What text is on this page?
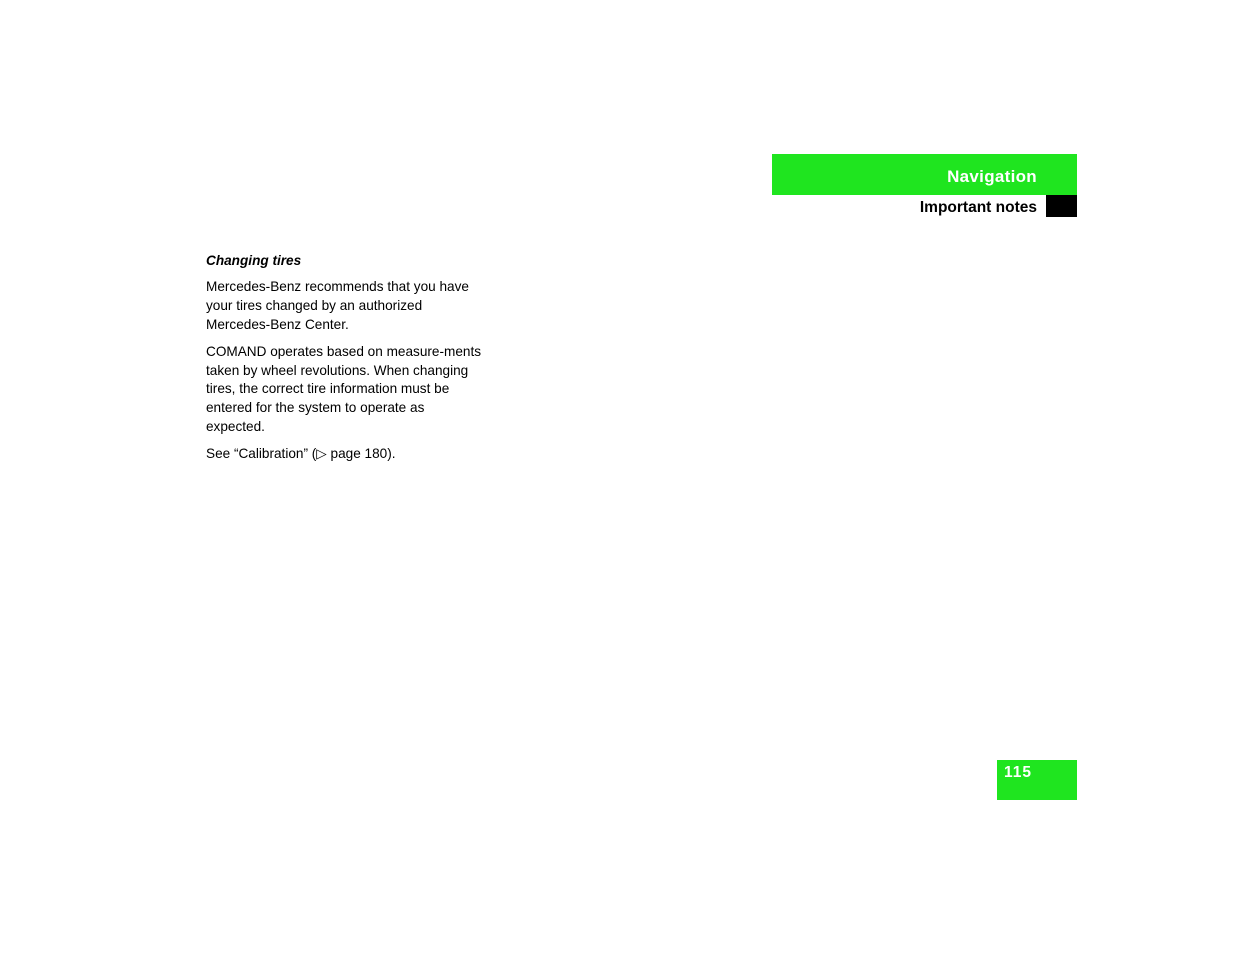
Navigation
Important notes
Changing tires

Mercedes-Benz recommends that you have your tires changed by an authorized Mercedes-Benz Center.

COMAND operates based on measure-ments taken by wheel revolutions. When changing tires, the correct tire information must be entered for the system to operate as expected.

See “Calibration” (▷ page 180).

115
